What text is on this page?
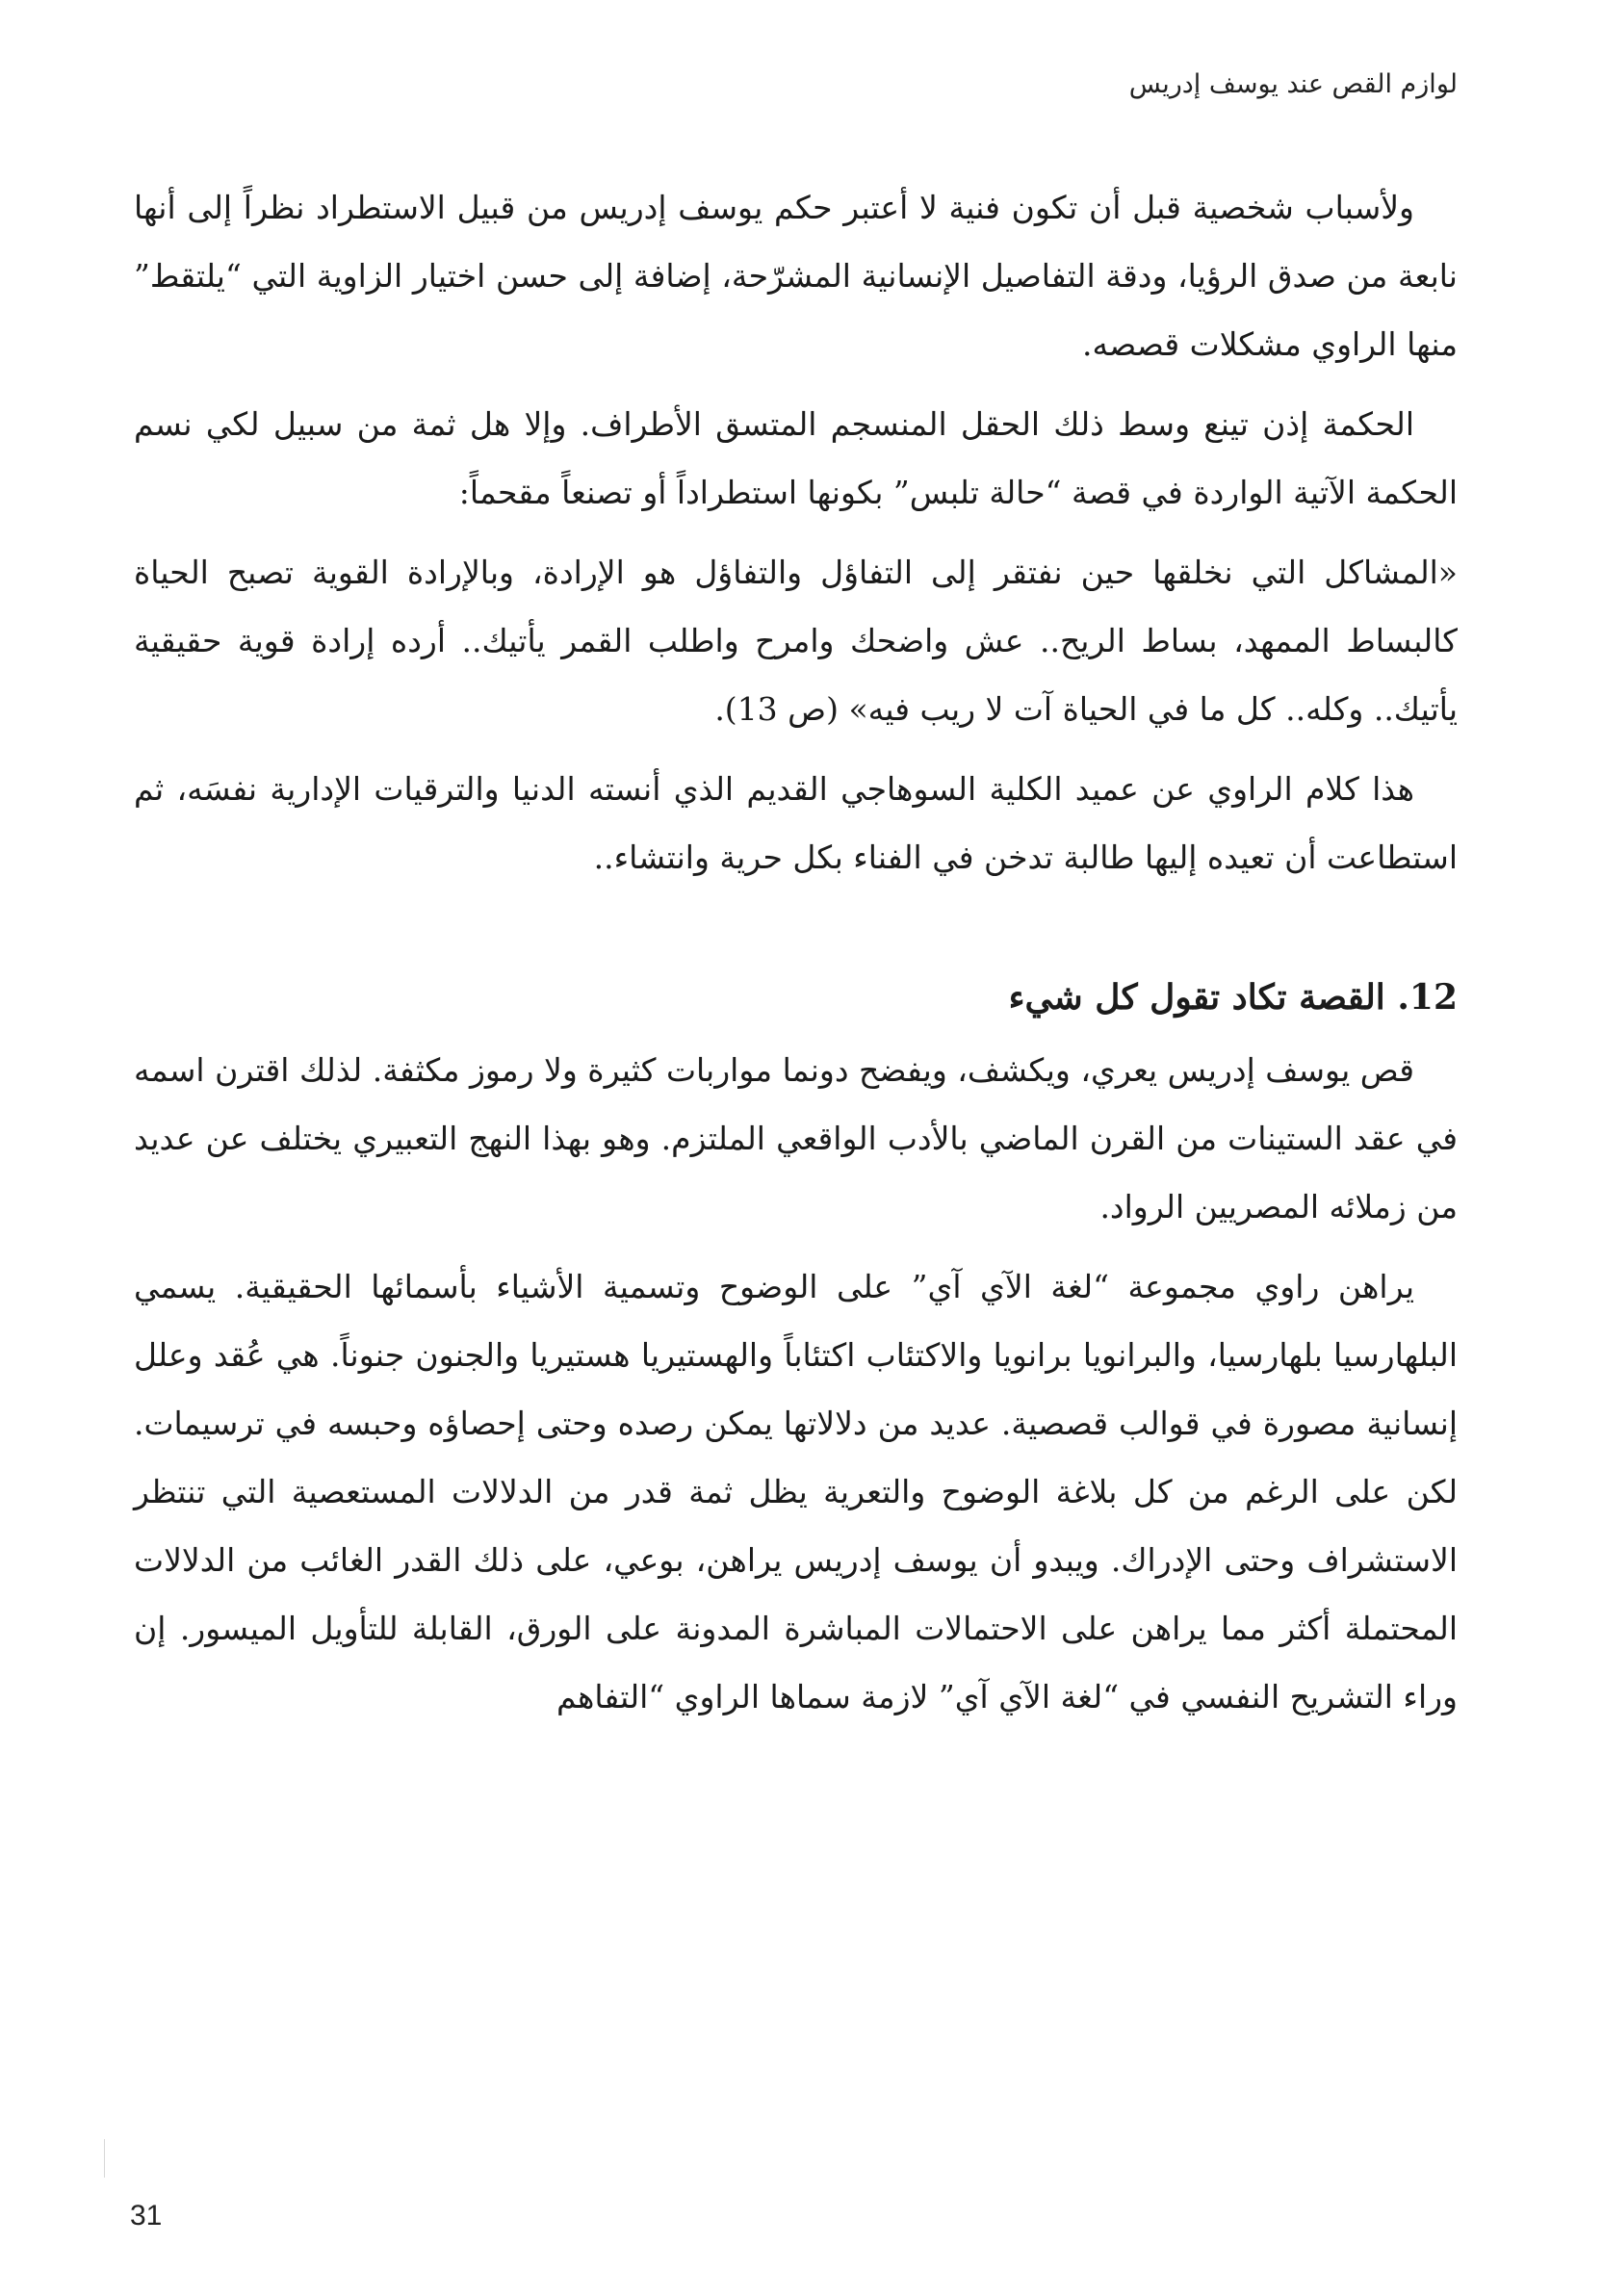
لوازم القص عند يوسف إدريس

ولأسباب شخصية قبل أن تكون فنية لا أعتبر حكم يوسف إدريس من قبيل الاستطراد نظراً إلى أنها نابعة من صدق الرؤيا، ودقة التفاصيل الإنسانية المشرّحة، إضافة إلى حسن اختيار الزاوية التي “يلتقط” منها الراوي مشكلات قصصه.

الحكمة إذن تينع وسط ذلك الحقل المنسجم المتسق الأطراف. وإلا هل ثمة من سبيل لكي نسم الحكمة الآتية الواردة في قصة “حالة تلبس” بكونها استطراداً أو تصنعاً مقحماً:

«المشاكل التي نخلقها حين نفتقر إلى التفاؤل والتفاؤل هو الإرادة، وبالإرادة القوية تصبح الحياة كالبساط الممهد، بساط الريح.. عش واضحك وامرح واطلب القمر يأتيك.. أرده إرادة قوية حقيقية يأتيك.. وكله.. كل ما في الحياة آت لا ريب فيه» (ص 13).

هذا كلام الراوي عن عميد الكلية السوهاجي القديم الذي أنسته الدنيا والترقيات الإدارية نفسَه، ثم استطاعت أن تعيده إليها طالبة تدخن في الفناء بكل حرية وانتشاء..

12. القصة تكاد تقول كل شيء

قص يوسف إدريس يعري، ويكشف، ويفضح دونما مواربات كثيرة ولا رموز مكثفة. لذلك اقترن اسمه في عقد الستينات من القرن الماضي بالأدب الواقعي الملتزم. وهو بهذا النهج التعبيري يختلف عن عديد من زملائه المصريين الرواد.

يراهن راوي مجموعة “لغة الآي آي” على الوضوح وتسمية الأشياء بأسمائها الحقيقية. يسمي البلهارسيا بلهارسيا، والبرانويا برانويا والاكتئاب اكتئاباً والهستيريا هستيريا والجنون جنوناً. هي عُقد وعلل إنسانية مصورة في قوالب قصصية. عديد من دلالاتها يمكن رصده وحتى إحصاؤه وحبسه في ترسيمات. لكن على الرغم من كل بلاغة الوضوح والتعرية يظل ثمة قدر من الدلالات المستعصية التي تنتظر الاستشراف وحتى الإدراك. ويبدو أن يوسف إدريس يراهن، بوعي، على ذلك القدر الغائب من الدلالات المحتملة أكثر مما يراهن على الاحتمالات المباشرة المدونة على الورق، القابلة للتأويل الميسور. إن وراء التشريح النفسي في “لغة الآي آي” لازمة سماها الراوي “التفاهم

31
